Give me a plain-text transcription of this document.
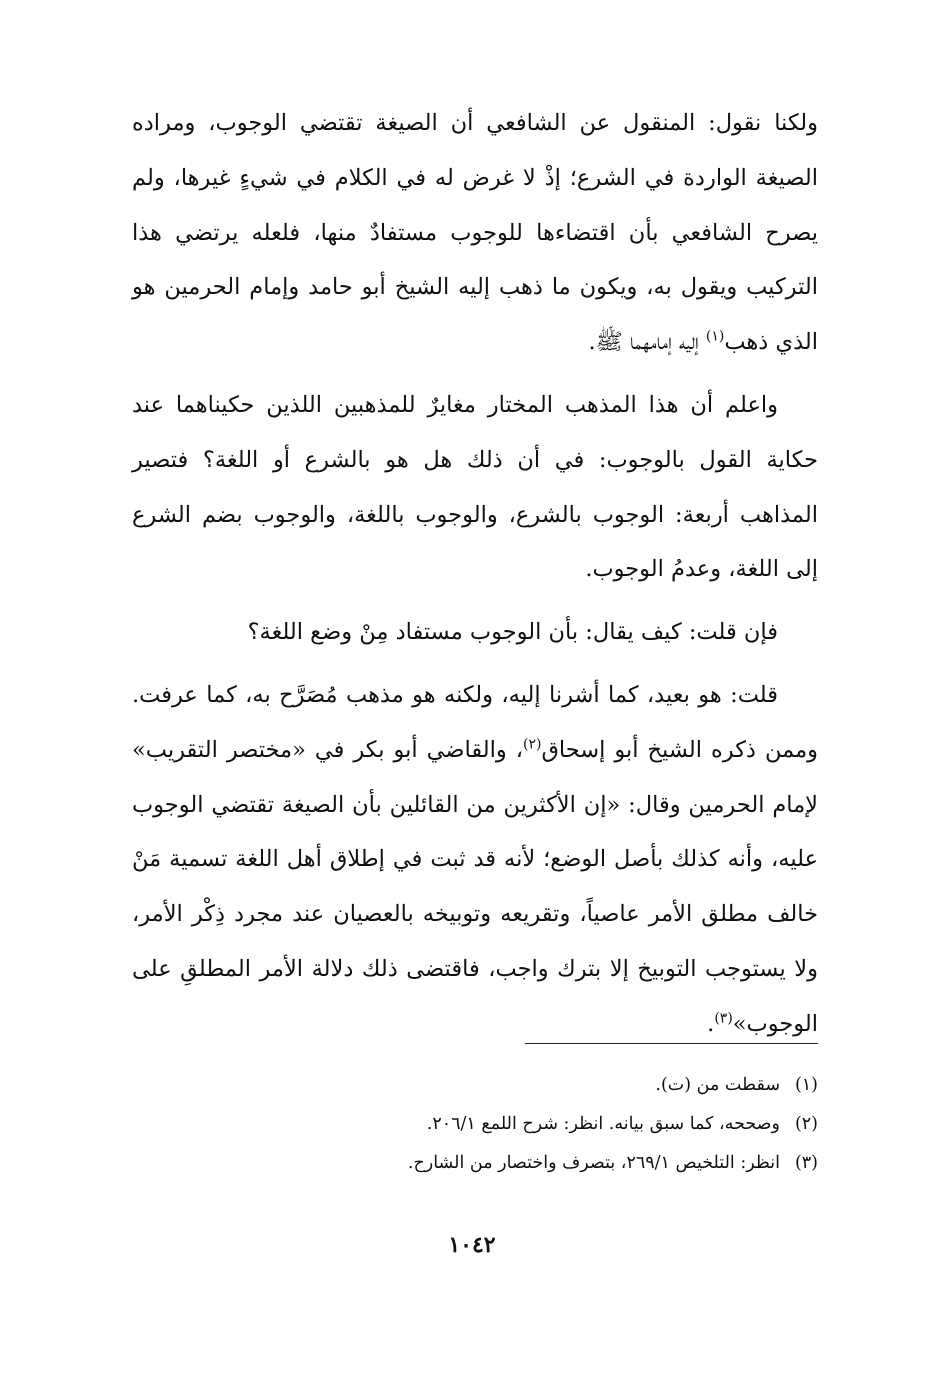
ولكنا نقول: المنقول عن الشافعي أن الصيغة تقتضي الوجوب، ومراده الصيغة الواردة في الشرع؛ إذْ لا غرض له في الكلام في شيءٍ غيرها، ولم يصرح الشافعي بأن اقتضاءها للوجوب مستفادٌ منها، فلعله يرتضي هذا التركيب ويقول به، ويكون ما ذهب إليه الشيخ أبو حامد وإمام الحرمين هو الذي ذهب$^{(١)}$ إليه إمامهما ﷺ.

واعلم أن هذا المذهب المختار مغايرٌ للمذهبين اللذين حكيناهما عند حكاية القول بالوجوب: في أن ذلك هل هو بالشرع أو اللغة؟ فتصير المذاهب أربعة: الوجوب بالشرع، والوجوب باللغة، والوجوب بضم الشرع إلى اللغة، وعدمُ الوجوب.

فإن قلت: كيف يقال: بأن الوجوب مستفاد مِنْ وضع اللغة؟

قلت: هو بعيد، كما أشرنا إليه، ولكنه هو مذهب مُصَرَّح به، كما عرفت. وممن ذكره الشيخ أبو إسحاق$^{(٢)}$، والقاضي أبو بكر في «مختصر التقريب» لإمام الحرمين وقال: «إن الأكثرين من القائلين بأن الصيغة تقتضي الوجوب عليه، وأنه كذلك بأصل الوضع؛ لأنه قد ثبت في إطلاق أهل اللغة تسمية مَنْ خالف مطلق الأمر عاصياً، وتقريعه وتوبيخه بالعصيان عند مجرد ذِكْر الأمر، ولا يستوجب التوبيخ إلا بترك واجب، فاقتضى ذلك دلالة الأمر المطلقِ على الوجوب»$^{(٣)}$.

(١)
سقطت من (ت).
(٢)
وصححه، كما سبق بيانه. انظر: شرح اللمع ٢٠٦/١.
(٣)
انظر: التلخيص ٢٦٩/١، بتصرف واختصار من الشارح.
١٠٤٢
